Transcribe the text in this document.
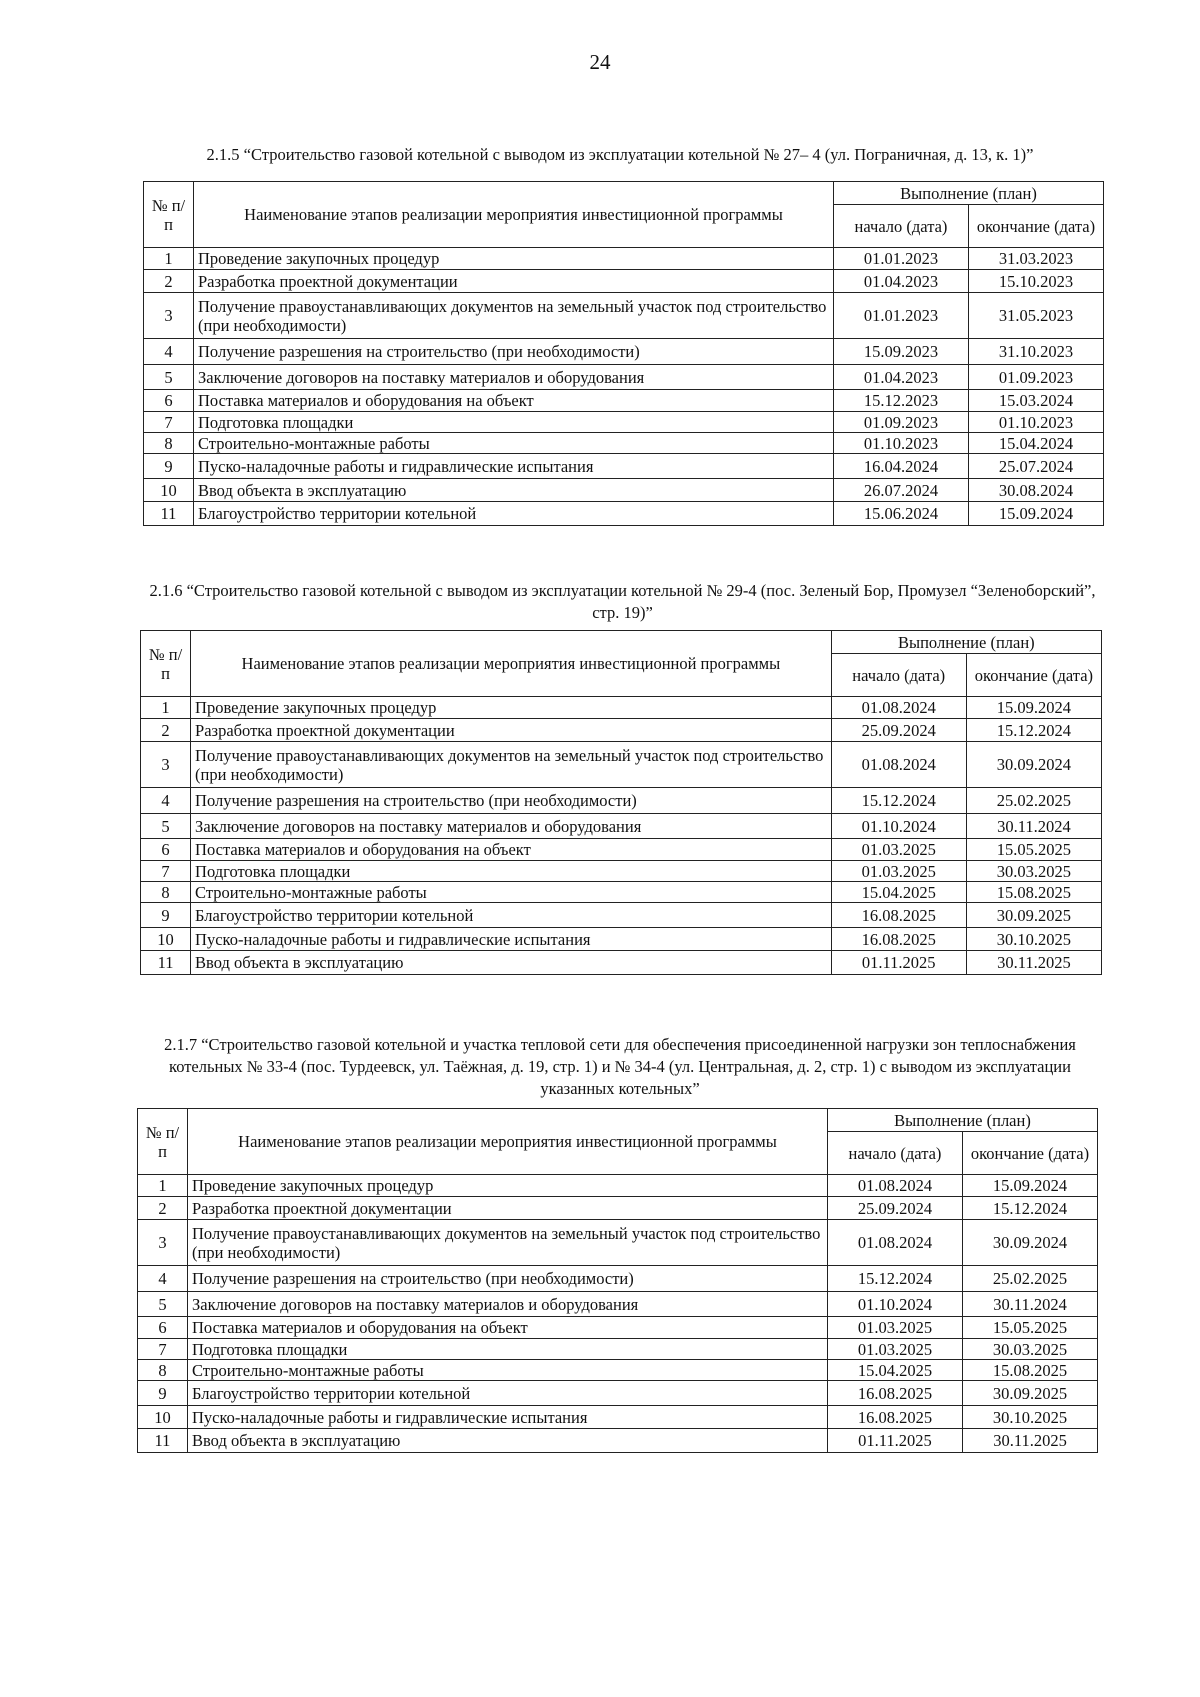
24
2.1.5 “Строительство газовой котельной с выводом из эксплуатации котельной № 27– 4 (ул. Пограничная, д. 13, к. 1)”
№ п/п	Наименование этапов реализации мероприятия инвестиционной программы	Выполнение (план)	
		начало (дата)	окончание (дата)
1	Проведение закупочных процедур	01.01.2023	31.03.2023
2	Разработка проектной документации	01.04.2023	15.10.2023
3	Получение правоустанавливающих документов на земельный участок под строительство (при необходимости)	01.01.2023	31.05.2023
4	Получение разрешения на строительство (при необходимости)	15.09.2023	31.10.2023
5	Заключение договоров на поставку материалов и оборудования	01.04.2023	01.09.2023
6	Поставка материалов и оборудования на объект	15.12.2023	15.03.2024
7	Подготовка площадки	01.09.2023	01.10.2023
8	Строительно-монтажные работы	01.10.2023	15.04.2024
9	Пуско-наладочные работы и гидравлические испытания	16.04.2024	25.07.2024
10	Ввод объекта в эксплуатацию	26.07.2024	30.08.2024
11	Благоустройство территории котельной	15.06.2024	15.09.2024
2.1.6 “Строительство газовой котельной с выводом из эксплуатации котельной № 29-4 (пос. Зеленый Бор, Промузел “Зеленоборский”, стр. 19)”
№ п/п	Наименование этапов реализации мероприятия инвестиционной программы	Выполнение (план)	
		начало (дата)	окончание (дата)
1	Проведение закупочных процедур	01.08.2024	15.09.2024
2	Разработка проектной документации	25.09.2024	15.12.2024
3	Получение правоустанавливающих документов на земельный участок под строительство (при необходимости)	01.08.2024	30.09.2024
4	Получение разрешения на строительство (при необходимости)	15.12.2024	25.02.2025
5	Заключение договоров на поставку материалов и оборудования	01.10.2024	30.11.2024
6	Поставка материалов и оборудования на объект	01.03.2025	15.05.2025
7	Подготовка площадки	01.03.2025	30.03.2025
8	Строительно-монтажные работы	15.04.2025	15.08.2025
9	Благоустройство территории котельной	16.08.2025	30.09.2025
10	Пуско-наладочные работы и гидравлические испытания	16.08.2025	30.10.2025
11	Ввод объекта в эксплуатацию	01.11.2025	30.11.2025
2.1.7 “Строительство газовой котельной и участка тепловой сети для обеспечения присоединенной нагрузки зон теплоснабжения котельных № 33-4 (пос. Турдеевск, ул. Таёжная, д. 19, стр. 1) и № 34-4 (ул. Центральная, д. 2, стр. 1) с выводом из эксплуатации указанных котельных”
№ п/п	Наименование этапов реализации мероприятия инвестиционной программы	Выполнение (план)	
		начало (дата)	окончание (дата)
1	Проведение закупочных процедур	01.08.2024	15.09.2024
2	Разработка проектной документации	25.09.2024	15.12.2024
3	Получение правоустанавливающих документов на земельный участок под строительство (при необходимости)	01.08.2024	30.09.2024
4	Получение разрешения на строительство (при необходимости)	15.12.2024	25.02.2025
5	Заключение договоров на поставку материалов и оборудования	01.10.2024	30.11.2024
6	Поставка материалов и оборудования на объект	01.03.2025	15.05.2025
7	Подготовка площадки	01.03.2025	30.03.2025
8	Строительно-монтажные работы	15.04.2025	15.08.2025
9	Благоустройство территории котельной	16.08.2025	30.09.2025
10	Пуско-наладочные работы и гидравлические испытания	16.08.2025	30.10.2025
11	Ввод объекта в эксплуатацию	01.11.2025	30.11.2025
